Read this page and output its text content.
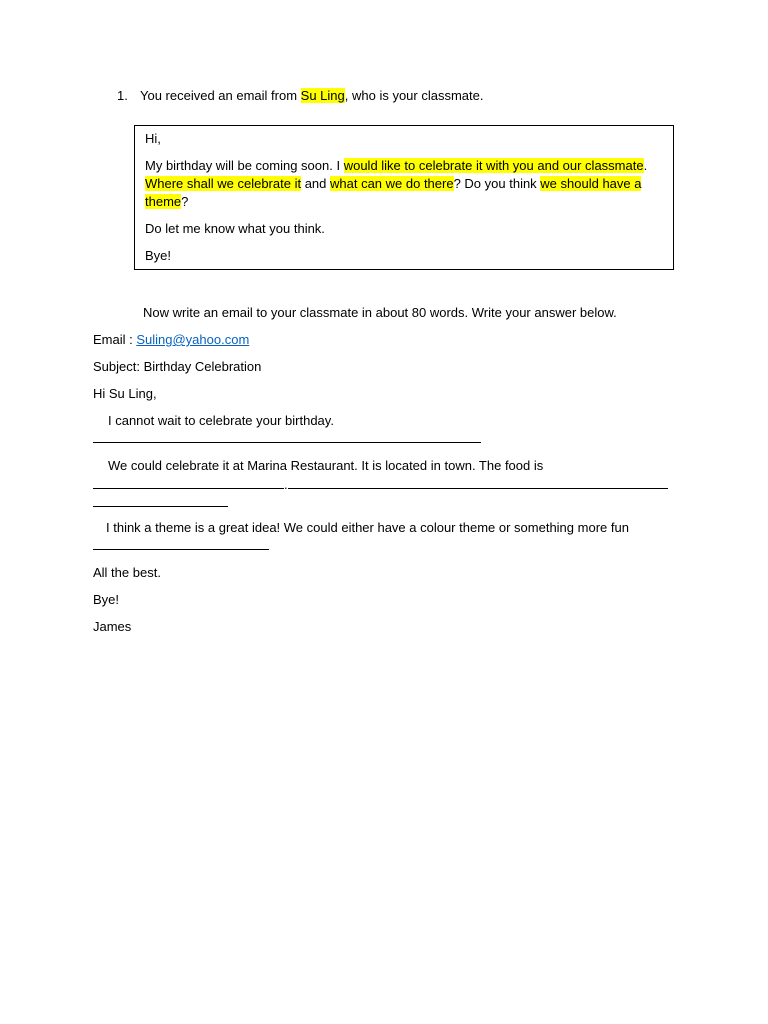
1. You received an email from Su Ling, who is your classmate.

Hi,

My birthday will be coming soon. I would like to celebrate it with you and our classmate. Where shall we celebrate it and what can we do there? Do you think we should have a theme?

Do let me know what you think.

Bye!

Now write an email to your classmate in about 80 words. Write your answer below.
Email : Suling@yahoo.com
Subject: Birthday Celebration
Hi Su Ling,
I cannot wait to celebrate your birthday.
We could celebrate it at Marina Restaurant. It is located in town. The food is
.
I think a theme is a great idea! We could either have a colour theme or something more fun
All the best.
Bye!
James
